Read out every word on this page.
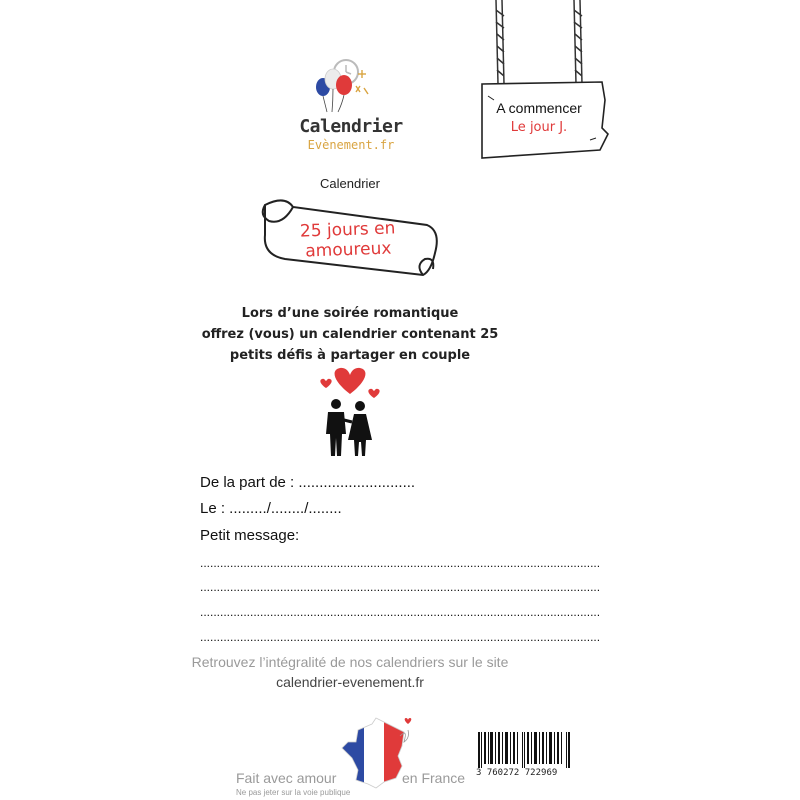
Calendrier
Evènement.fr
A commencer
Le jour J.
Calendrier
25 jours en amoureux
Lors d’une soirée romantique
offrez (vous) un calendrier contenant 25
petits défis à partager en couple
De la part de : ............................
Le : ........./......../........
Petit message:
........................................................................................................................
........................................................................................................................
........................................................................................................................
........................................................................................................................
Retrouvez l’intégralité de nos calendriers sur le site
calendrier-evenement.fr
Fait avec amour
Ne pas jeter sur la voie publique
en France 3 760272 722969
